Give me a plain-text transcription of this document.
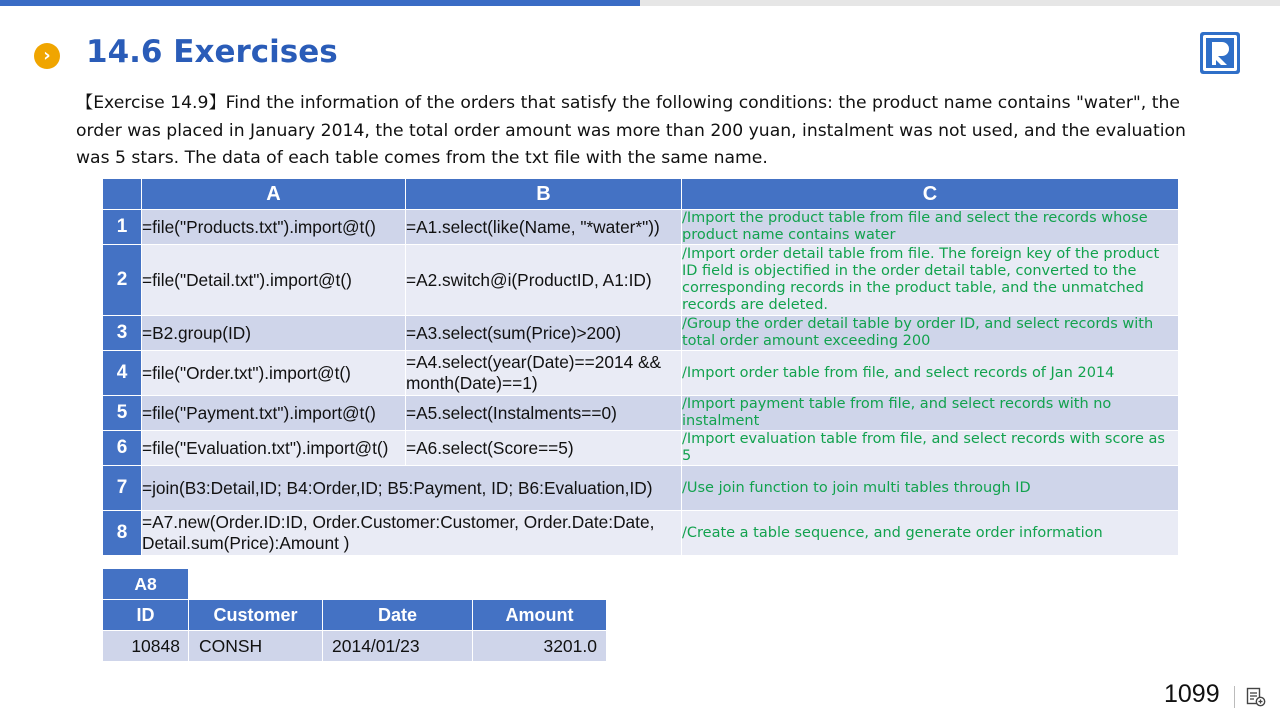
› 14.6 Exercises
【Exercise 14.9】Find the information of the orders that satisfy the following conditions: the product name contains "water", the order was placed in January 2014, the total order amount was more than 200 yuan, instalment was not used, and the evaluation was 5 stars. The data of each table comes from the txt file with the same name.
	A	B	C
1	=file("Products.txt").import@t()	=A1.select(like(Name, "*water*"))	/Import the product table from file and select the records whose product name contains water
2	=file("Detail.txt").import@t()	=A2.switch@i(ProductID, A1:ID)	/Import order detail table from file. The foreign key of the product ID field is objectified in the order detail table, converted to the corresponding records in the product table, and the unmatched records are deleted.
3	=B2.group(ID)	=A3.select(sum(Price)>200)	/Group the order detail table by order ID, and select records with total order amount exceeding 200
4	=file("Order.txt").import@t()	=A4.select(year(Date)==2014 && month(Date)==1)	/Import order table from file, and select records of Jan 2014
5	=file("Payment.txt").import@t()	=A5.select(Instalments==0)	/Import payment table from file, and select records with no instalment
6	=file("Evaluation.txt").import@t()	=A6.select(Score==5)	/Import evaluation table from file, and select records with score as 5
7	=join(B3:Detail,ID; B4:Order,ID; B5:Payment, ID; B6:Evaluation,ID)		/Use join function to join multi tables through ID
8	=A7.new(Order.ID:ID, Order.Customer:Customer, Order.Date:Date, Detail.sum(Price):Amount )		/Create a table sequence, and generate order information
A8			
ID	Customer	Date	Amount
10848	CONSH	2014/01/23	3201.0
1099
